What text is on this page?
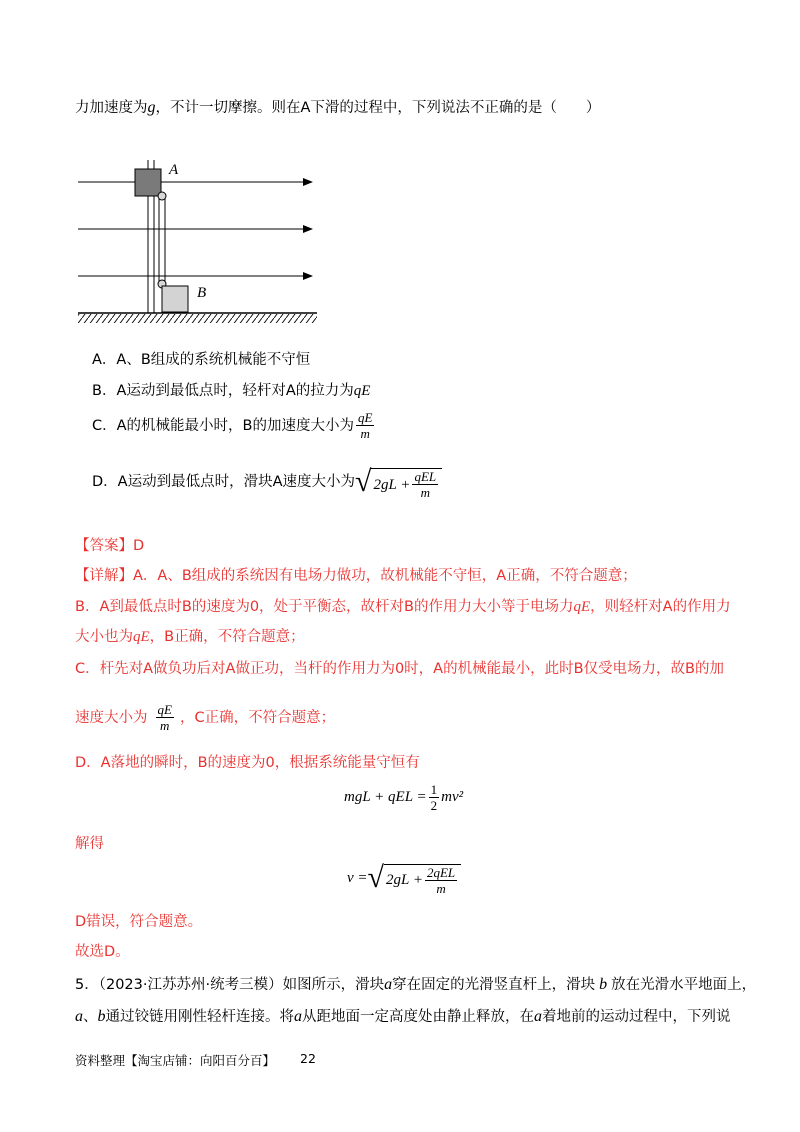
力加速度为g，不计一切摩擦。则在A下滑的过程中，下列说法不正确的是（　　）
A
B
A．A、B组成的系统机械能不守恒
B．A运动到最低点时，轻杆对A的拉力为qE
C．A的机械能最小时，B的加速度大小为 $\frac{qE}{m}$
D．A运动到最低点时，滑块A速度大小为 √ $2gL + \frac{\text{qEL}}{m}$
【答案】D
【详解】A．A、B组成的系统因有电场力做功，故机械能不守恒，A正确，不符合题意；
B．A到最低点时B的速度为0，处于平衡态，故杆对B的作用力大小等于电场力qE，则轻杆对A的作用力
大小也为qE，B正确，不符合题意；
C．杆先对A做负功后对A做正功，当杆的作用力为0时，A的机械能最小，此时B仅受电场力，故B的加
速度大小为 $\frac{qE}{m}$ ，C正确，不符合题意；
D．A落地的瞬时，B的速度为0，根据系统能量守恒有
mgL + qEL = $\frac{1}{2} mv^2$
解得
v = √ $2gL + \frac{\text{2qEL}}{m}$
D错误，符合题意。
故选D。
5．（2023·江苏苏州·统考三模）如图所示，滑块a穿在固定的光滑竖直杆上，滑块 b 放在光滑水平地面上，
a、b通过铰链用刚性轻杆连接。将a从距地面一定高度处由静止释放，在a着地前的运动过程中，下列说
资料整理【淘宝店铺：向阳百分百】 22
